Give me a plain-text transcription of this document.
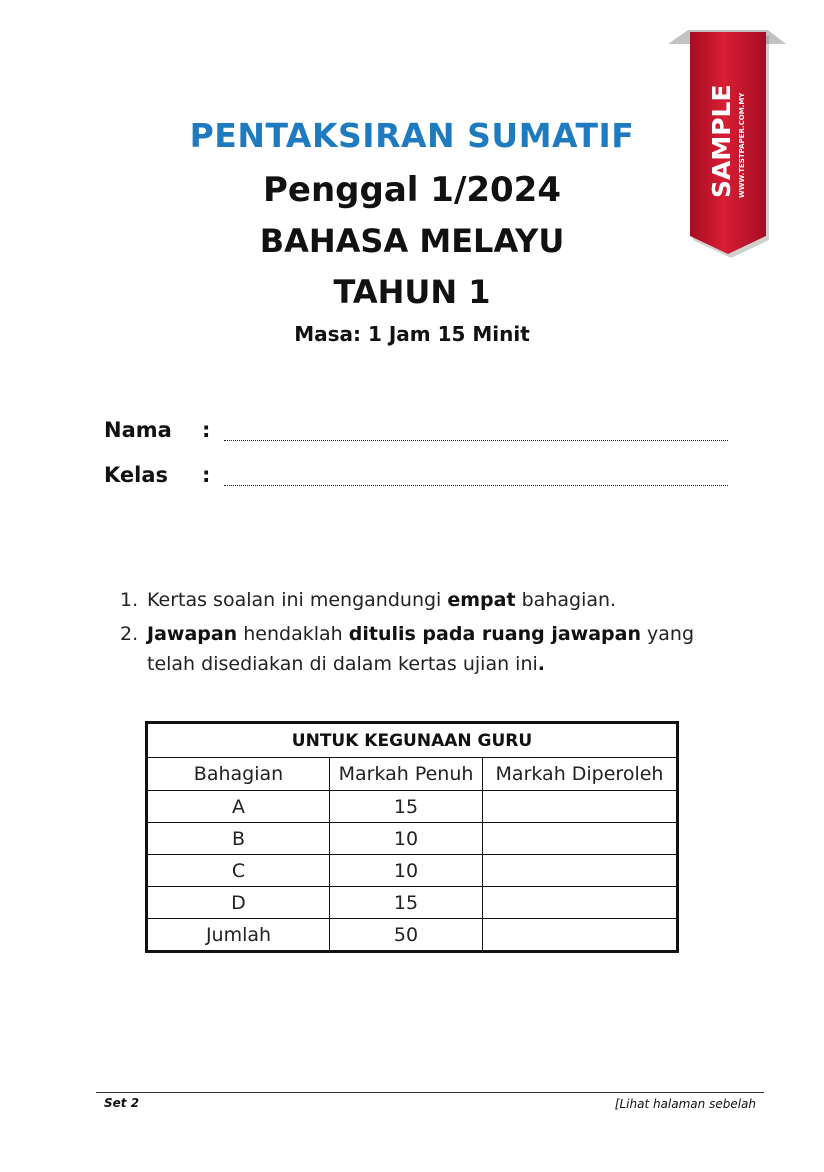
PENTAKSIRAN SUMATIF
Penggal 1/2024
BAHASA MELAYU
TAHUN 1
Masa: 1 Jam 15 Minit
SAMPLE WWW.TESTPAPER.COM.MY
Nama :
Kelas :
1. Kertas soalan ini mengandungi empat bahagian.
2. Jawapan hendaklah ditulis pada ruang jawapan yang telah disediakan di dalam kertas ujian ini.
UNTUK KEGUNAAN GURU		
Bahagian	Markah Penuh	Markah Diperoleh
A	15	
B	10	
C	10	
D	15	
Jumlah	50	
Set 2	[Lihat halaman sebelah
